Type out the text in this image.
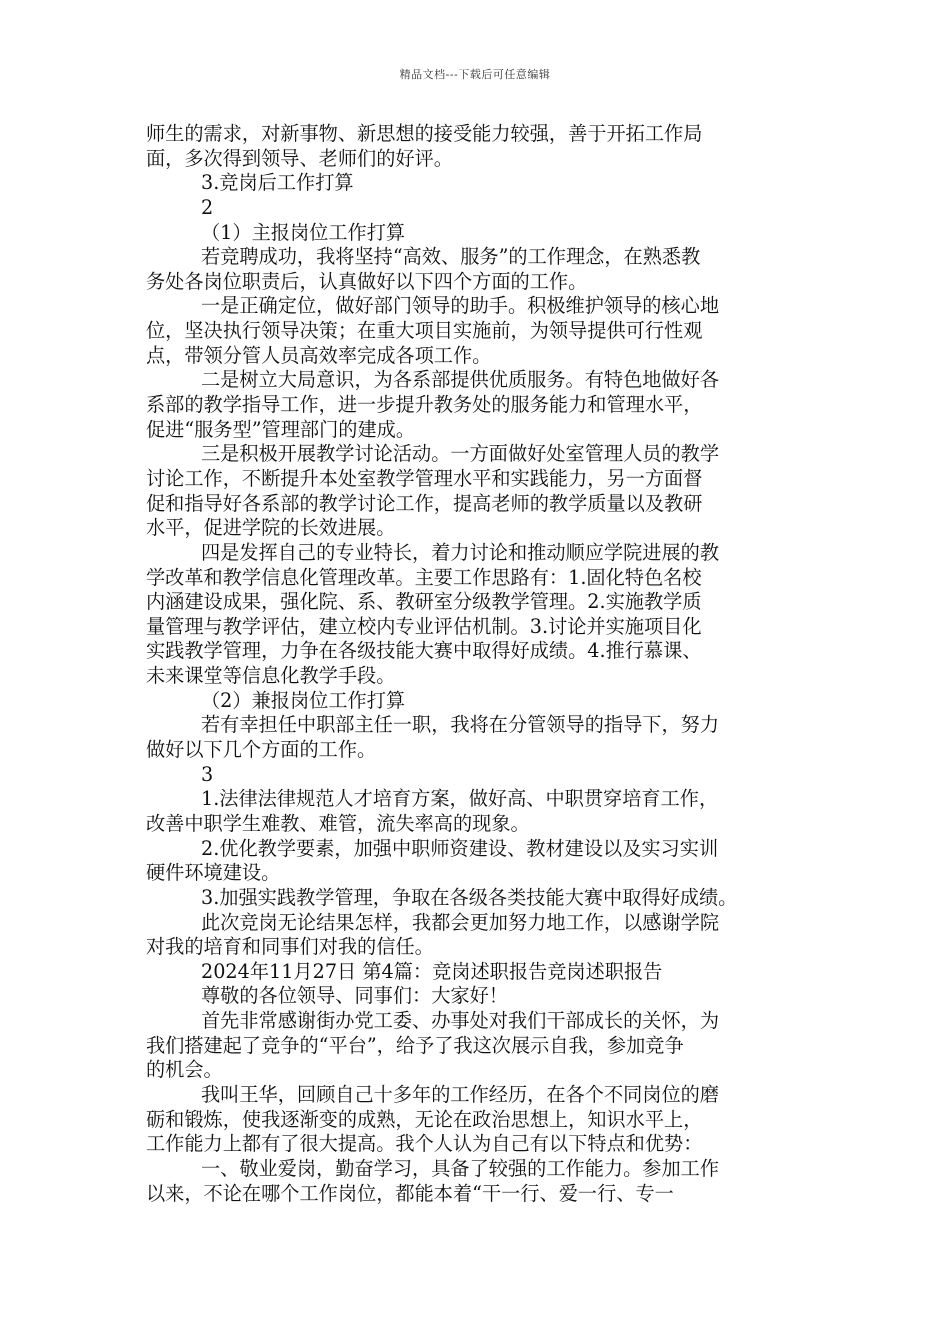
精品文档---下载后可任意编辑
师生的需求，对新事物、新思想的接受能力较强，善于开拓工作局
面，多次得到领导、老师们的好评。
3.竞岗后工作打算
2
（1）主报岗位工作打算
若竞聘成功，我将坚持“高效、服务”的工作理念，在熟悉教
务处各岗位职责后，认真做好以下四个方面的工作。
一是正确定位，做好部门领导的助手。积极维护领导的核心地
位，坚决执行领导决策；在重大项目实施前，为领导提供可行性观
点，带领分管人员高效率完成各项工作。
二是树立大局意识，为各系部提供优质服务。有特色地做好各
系部的教学指导工作，进一步提升教务处的服务能力和管理水平，
促进“服务型”管理部门的建成。
三是积极开展教学讨论活动。一方面做好处室管理人员的教学
讨论工作，不断提升本处室教学管理水平和实践能力，另一方面督
促和指导好各系部的教学讨论工作，提高老师的教学质量以及教研
水平，促进学院的长效进展。
四是发挥自己的专业特长，着力讨论和推动顺应学院进展的教
学改革和教学信息化管理改革。主要工作思路有：1.固化特色名校
内涵建设成果，强化院、系、教研室分级教学管理。2.实施教学质
量管理与教学评估，建立校内专业评估机制。3.讨论并实施项目化
实践教学管理，力争在各级技能大赛中取得好成绩。4.推行慕课、
未来课堂等信息化教学手段。
（2）兼报岗位工作打算
若有幸担任中职部主任一职，我将在分管领导的指导下，努力
做好以下几个方面的工作。
3
1.法律法律规范人才培育方案，做好高、中职贯穿培育工作，
改善中职学生难教、难管，流失率高的现象。
2.优化教学要素，加强中职师资建设、教材建设以及实习实训
硬件环境建设。
3.加强实践教学管理，争取在各级各类技能大赛中取得好成绩。
此次竞岗无论结果怎样，我都会更加努力地工作，以感谢学院
对我的培育和同事们对我的信任。
2024年11月27日 第4篇：竞岗述职报告竞岗述职报告
尊敬的各位领导、同事们：大家好！
首先非常感谢街办党工委、办事处对我们干部成长的关怀，为
我们搭建起了竞争的“平台”，给予了我这次展示自我，参加竞争
的机会。
我叫王华，回顾自己十多年的工作经历，在各个不同岗位的磨
砺和锻炼，使我逐渐变的成熟，无论在政治思想上，知识水平上，
工作能力上都有了很大提高。我个人认为自己有以下特点和优势：
一、敬业爱岗，勤奋学习，具备了较强的工作能力。参加工作
以来，不论在哪个工作岗位，都能本着“干一行、爱一行、专一
